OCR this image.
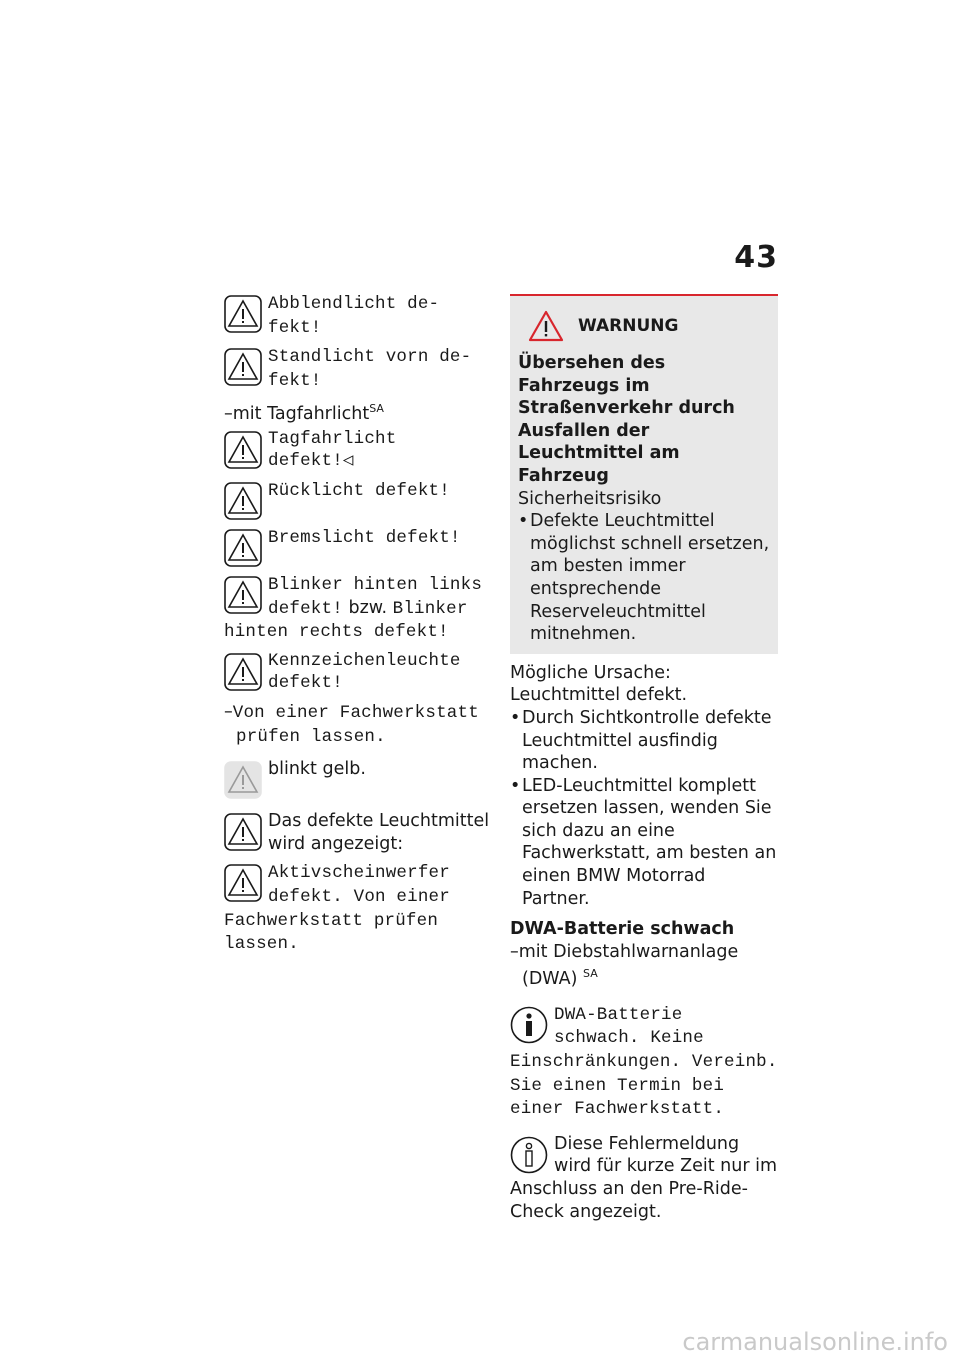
43
Abblendlicht de-fekt!
Standlicht vorn de-fekt!
–mit Tagfahrlicht$^{SA}$
Tagfahrlicht defekt!◁
Rücklicht defekt!
Bremslicht defekt!
Blinker hinten links defekt! bzw. Blinker hinten rechts defekt!
Kennzeichenleuchte defekt!
–Von einer Fachwerkstatt prüfen lassen.
blinkt gelb.
Das defekte Leuchtmittel wird angezeigt:
Aktivscheinwerfer defekt. Von einer Fachwerkstatt prüfen lassen.
WARNUNG
Übersehen des Fahrzeugs im Straßenverkehr durch Ausfallen der Leuchtmittel am Fahrzeug
Sicherheitsrisiko
• Defekte Leuchtmittel möglichst schnell ersetzen, am besten immer entsprechende Reserveleuchtmittel mitnehmen.
Mögliche Ursache:
Leuchtmittel defekt.
• Durch Sichtkontrolle defekte Leuchtmittel ausfindig machen.
• LED-Leuchtmittel komplett ersetzen lassen, wenden Sie sich dazu an eine Fachwerkstatt, am besten an einen BMW Motorrad Partner.
DWA-Batterie schwach
–mit Diebstahlwarnanlage (DWA) $^{SA}$
DWA-Batterie schwach. Keine Einschränkungen. Vereinb. Sie einen Termin bei einer Fachwerkstatt.
Diese Fehlermeldung wird für kurze Zeit nur im Anschluss an den Pre-Ride-Check angezeigt.
carmanualsonline.info
